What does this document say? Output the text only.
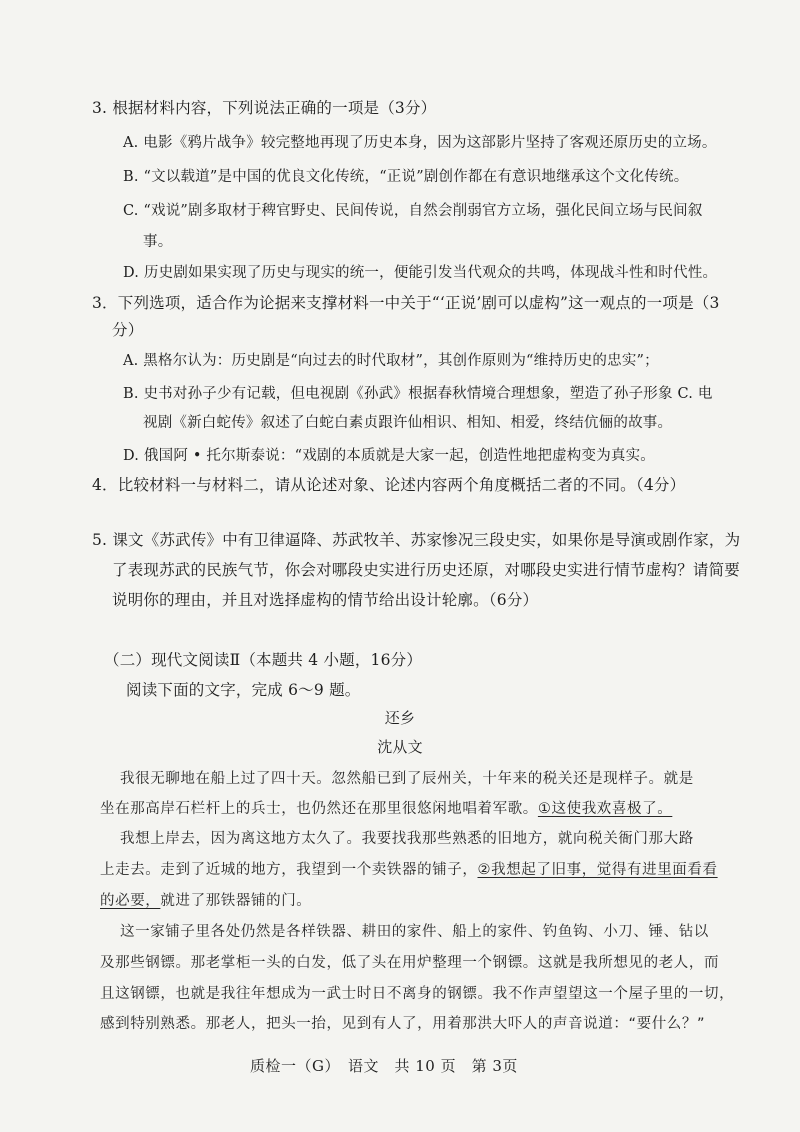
3. 根据材料内容，下列说法正确的一项是（3分）

A. 电影《鸦片战争》较完整地再现了历史本身，因为这部影片坚持了客观还原历史的立场。

B. “文以载道”是中国的优良文化传统，“正说”剧创作都在有意识地继承这个文化传统。

C. “戏说”剧多取材于稗官野史、民间传说，自然会削弱官方立场，强化民间立场与民间叙

事。

D. 历史剧如果实现了历史与现实的统一，便能引发当代观众的共鸣，体现战斗性和时代性。

3．下列选项，适合作为论据来支撑材料一中关于“‘正说’剧可以虚构”这一观点的一项是（3

分）

A. 黑格尔认为：历史剧是“向过去的时代取材”，其创作原则为“维持历史的忠实”；

B. 史书对孙子少有记载，但电视剧《孙武》根据春秋情境合理想象，塑造了孙子形象 C. 电

视剧《新白蛇传》叙述了白蛇白素贞跟许仙相识、相知、相爱，终结伉俪的故事。

D. 俄国阿 • 托尔斯泰说：“戏剧的本质就是大家一起，创造性地把虚构变为真实。

4．比较材料一与材料二，请从论述对象、论述内容两个角度概括二者的不同。（4分）

5. 课文《苏武传》中有卫律逼降、苏武牧羊、苏家惨况三段史实，如果你是导演或剧作家，为

了表现苏武的民族气节，你会对哪段史实进行历史还原，对哪段史实进行情节虚构？请简要

说明你的理由，并且对选择虚构的情节给出设计轮廓。（6分）

（二）现代文阅读Ⅱ（本题共 4 小题，16分）

阅读下面的文字，完成 6～9 题。

还乡

沈从文

我很无聊地在船上过了四十天。忽然船已到了辰州关，十年来的税关还是现样子。就是

坐在那高岸石栏杆上的兵士，也仍然还在那里很悠闲地唱着军歌。①这使我欢喜极了。

我想上岸去，因为离这地方太久了。我要找我那些熟悉的旧地方，就向税关衙门那大路

上走去。走到了近城的地方，我望到一个卖铁器的铺子，②我想起了旧事，觉得有进里面看看

的必要，就进了那铁器铺的门。

这一家铺子里各处仍然是各样铁器、耕田的家件、船上的家件、钓鱼钩、小刀、锤、钻以

及那些钢镖。那老掌柜一头的白发，低了头在用炉整理一个钢镖。这就是我所想见的老人，而

且这钢镖，也就是我往年想成为一武士时日不离身的钢镖。我不作声望望这一个屋子里的一切，

感到特别熟悉。那老人，把头一抬，见到有人了，用着那洪大吓人的声音说道：“要什么？”

质检一（G）　语文　共 10 页　第 3页
